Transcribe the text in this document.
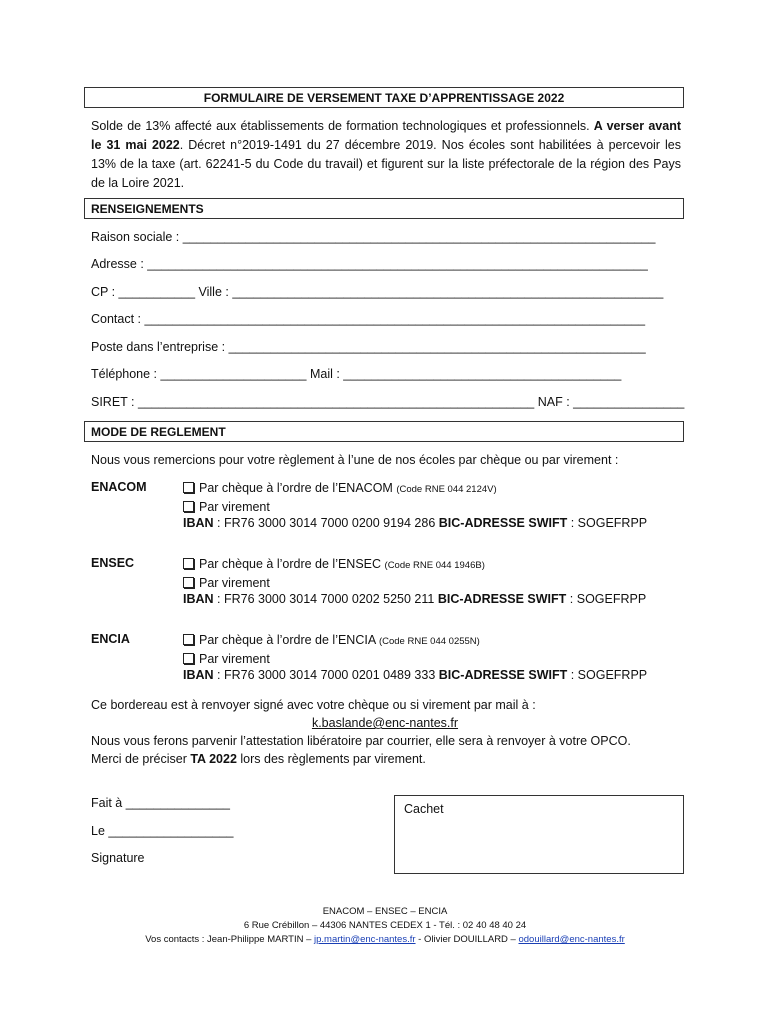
FORMULAIRE DE VERSEMENT TAXE D’APPRENTISSAGE 2022
Solde de 13% affecté aux établissements de formation technologiques et professionnels. A verser avant le 31 mai 2022. Décret n°2019-1491 du 27 décembre 2019. Nos écoles sont habilitées à percevoir les 13% de la taxe (art. 62241-5 du Code du travail) et figurent sur la liste préfectorale de la région des Pays de la Loire 2021.
RENSEIGNEMENTS
Raison sociale : ____________________________________________________________________
Adresse : ________________________________________________________________________
CP : ___________ Ville : ______________________________________________________________
Contact : ________________________________________________________________________
Poste dans l’entreprise : ____________________________________________________________
Téléphone : _____________________ Mail : ________________________________________
SIRET : _________________________________________________________ NAF : ________________
MODE DE REGLEMENT
Nous vous remercions pour votre règlement à l’une de nos écoles par chèque ou par virement :
ENACOM	Par chèque à l’ordre de l’ENACOM (Code RNE 044 2124V)
Par virement
IBAN : FR76 3000 3014 7000 0200 9194 286 BIC-ADRESSE SWIFT : SOGEFRPP
ENSEC	Par chèque à l’ordre de l’ENSEC (Code RNE 044 1946B)
Par virement
IBAN : FR76 3000 3014 7000 0202 5250 211 BIC-ADRESSE SWIFT : SOGEFRPP
ENCIA	Par chèque à l’ordre de l’ENCIA (Code RNE 044 0255N)
Par virement
IBAN : FR76 3000 3014 7000 0201 0489 333 BIC-ADRESSE SWIFT : SOGEFRPP
Ce bordereau est à renvoyer signé avec votre chèque ou si virement par mail à :
k.baslande@enc-nantes.fr
Nous vous ferons parvenir l’attestation libératoire par courrier, elle sera à renvoyer à votre OPCO.
Merci de préciser TA 2022 lors des règlements par virement.
Fait à _______________
Le __________________
Signature
Cachet
ENACOM – ENSEC – ENCIA
6 Rue Crébillon – 44306 NANTES CEDEX 1 - Tél. : 02 40 48 40 24
Vos contacts : Jean-Philippe MARTIN – jp.martin@enc-nantes.fr - Olivier DOUILLARD – odouillard@enc-nantes.fr
